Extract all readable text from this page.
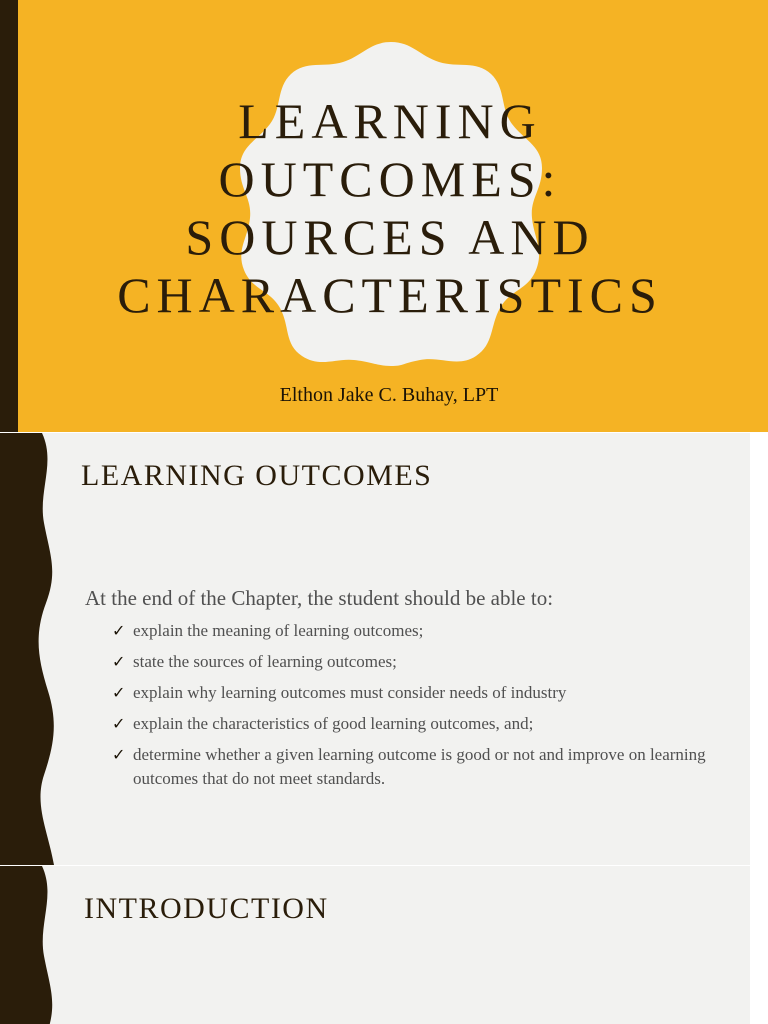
LEARNING
OUTCOMES:
SOURCES AND
CHARACTERISTICS
Elthon Jake C. Buhay, LPT
LEARNING OUTCOMES

At the end of the Chapter, the student should be able to:

✓ explain the meaning of learning outcomes;
✓ state the sources of learning outcomes;
✓ explain why learning outcomes must consider needs of industry
✓ explain the characteristics of good learning outcomes, and;
✓ determine whether a given learning outcome is good or not and improve on learning outcomes that do not meet standards.
INTRODUCTION
